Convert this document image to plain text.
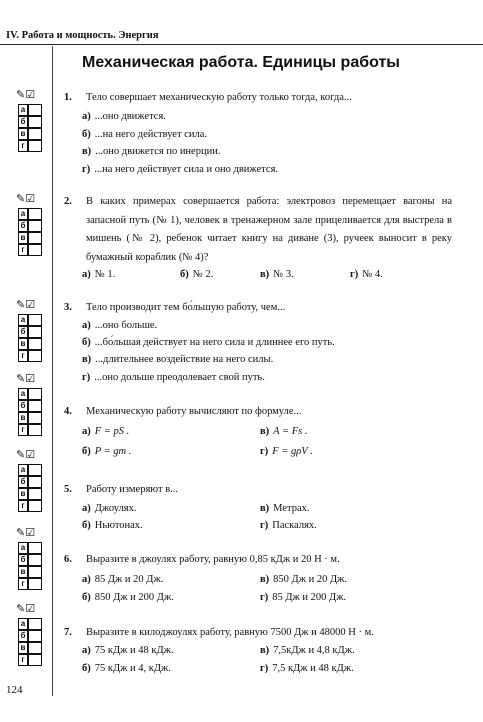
IV. Работа и мощность. Энергия
Механическая работа. Единицы работы
✎☑
а
б
в
г
✎☑
а
б
в
г
✎☑
а
б
в
г
✎☑
а
б
в
г
✎☑
а
б
в
г
✎☑
а
б
в
г
✎☑
а
б
в
г
1. Тело совершает механическую работу только тогда, когда...
а) ...оно движется.
б) ...на него действует сила.
в) ...оно движется по инерции.
г) ...на него действует сила и оно движется.
2. В каких примерах совершается работа: электровоз перемещает вагоны на запасной путь (№ 1), человек в тренажерном зале прицеливается для выстрела в мишень (№ 2), ребенок читает книгу на диване (3), ручеек выносит в реку бумажный кораблик (№ 4)?
а) № 1.	б) № 2.	в) № 3.	г) № 4.
3. Тело производит тем бо́льшую работу, чем...
а) ...оно больше.
б) ...бо́льшая действует на него сила и длиннее его путь.
в) ...длительнее воздействие на него силы.
г) ...оно дольше преодолевает свой путь.
4. Механическую работу вычисляют по формуле...
а) F = pS .	в) A = Fs .
б) P = gm .	г) F = gρV .
5. Работу измеряют в...
а) Джоулях.	в) Метрах.
б) Ньютонах.	г) Паскалях.
6. Выразите в джоулях работу, равную 0,85 кДж и 20 Н · м.
а) 85 Дж и 20 Дж.	в) 850 Дж и 20 Дж.
б) 850 Дж и 200 Дж.	г) 85 Дж и 200 Дж.
7. Выразите в килоджоулях работу, равную 7500 Дж и 48000 Н · м.
а) 75 кДж и 48 кДж.	в) 7,5кДж и 4,8 кДж.
б) 75 кДж и 4, кДж.	г) 7,5 кДж и 48 кДж.
124
